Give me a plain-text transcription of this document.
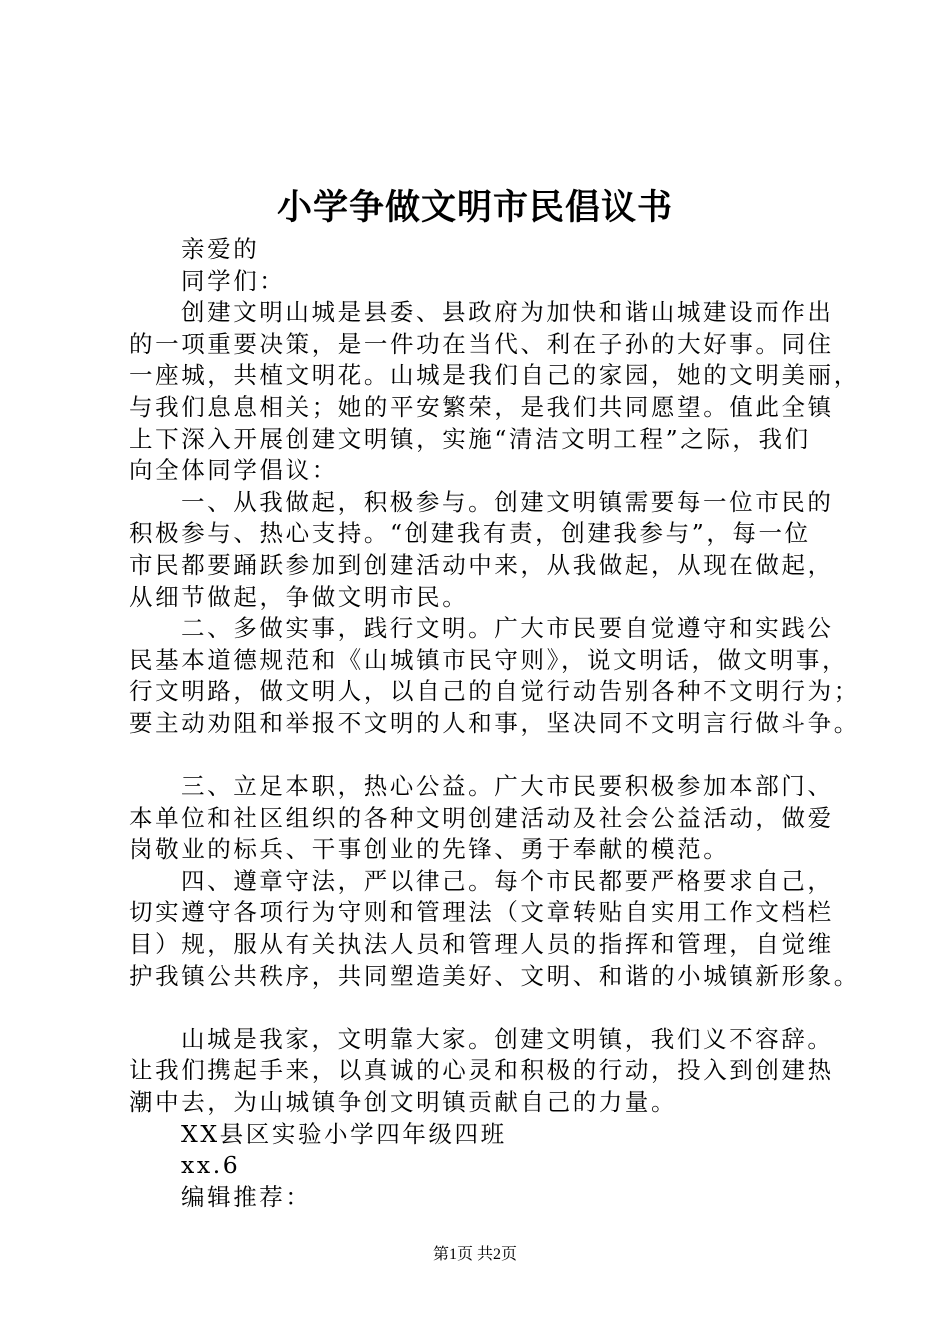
小学争做文明市民倡议书
亲爱的
同学们：
创建文明山城是县委、县政府为加快和谐山城建设而作出
的一项重要决策，是一件功在当代、利在子孙的大好事。同住
一座城，共植文明花。山城是我们自己的家园，她的文明美丽，
与我们息息相关；她的平安繁荣，是我们共同愿望。值此全镇
上下深入开展创建文明镇，实施“清洁文明工程”之际，我们
向全体同学倡议：
一、从我做起，积极参与。创建文明镇需要每一位市民的
积极参与、热心支持。“创建我有责，创建我参与”，每一位
市民都要踊跃参加到创建活动中来，从我做起，从现在做起，
从细节做起，争做文明市民。
二、多做实事，践行文明。广大市民要自觉遵守和实践公
民基本道德规范和《山城镇市民守则》，说文明话，做文明事，
行文明路，做文明人，以自己的自觉行动告别各种不文明行为；
要主动劝阻和举报不文明的人和事，坚决同不文明言行做斗争。
三、立足本职，热心公益。广大市民要积极参加本部门、
本单位和社区组织的各种文明创建活动及社会公益活动，做爱
岗敬业的标兵、干事创业的先锋、勇于奉献的模范。
四、遵章守法，严以律己。每个市民都要严格要求自己，
切实遵守各项行为守则和管理法（文章转贴自实用工作文档栏
目）规，服从有关执法人员和管理人员的指挥和管理，自觉维
护我镇公共秩序，共同塑造美好、文明、和谐的小城镇新形象。
山城是我家，文明靠大家。创建文明镇，我们义不容辞。
让我们携起手来，以真诚的心灵和积极的行动，投入到创建热
潮中去，为山城镇争创文明镇贡献自己的力量。
XX县区实验小学四年级四班
xx.6
编辑推荐：
第1页 共2页
